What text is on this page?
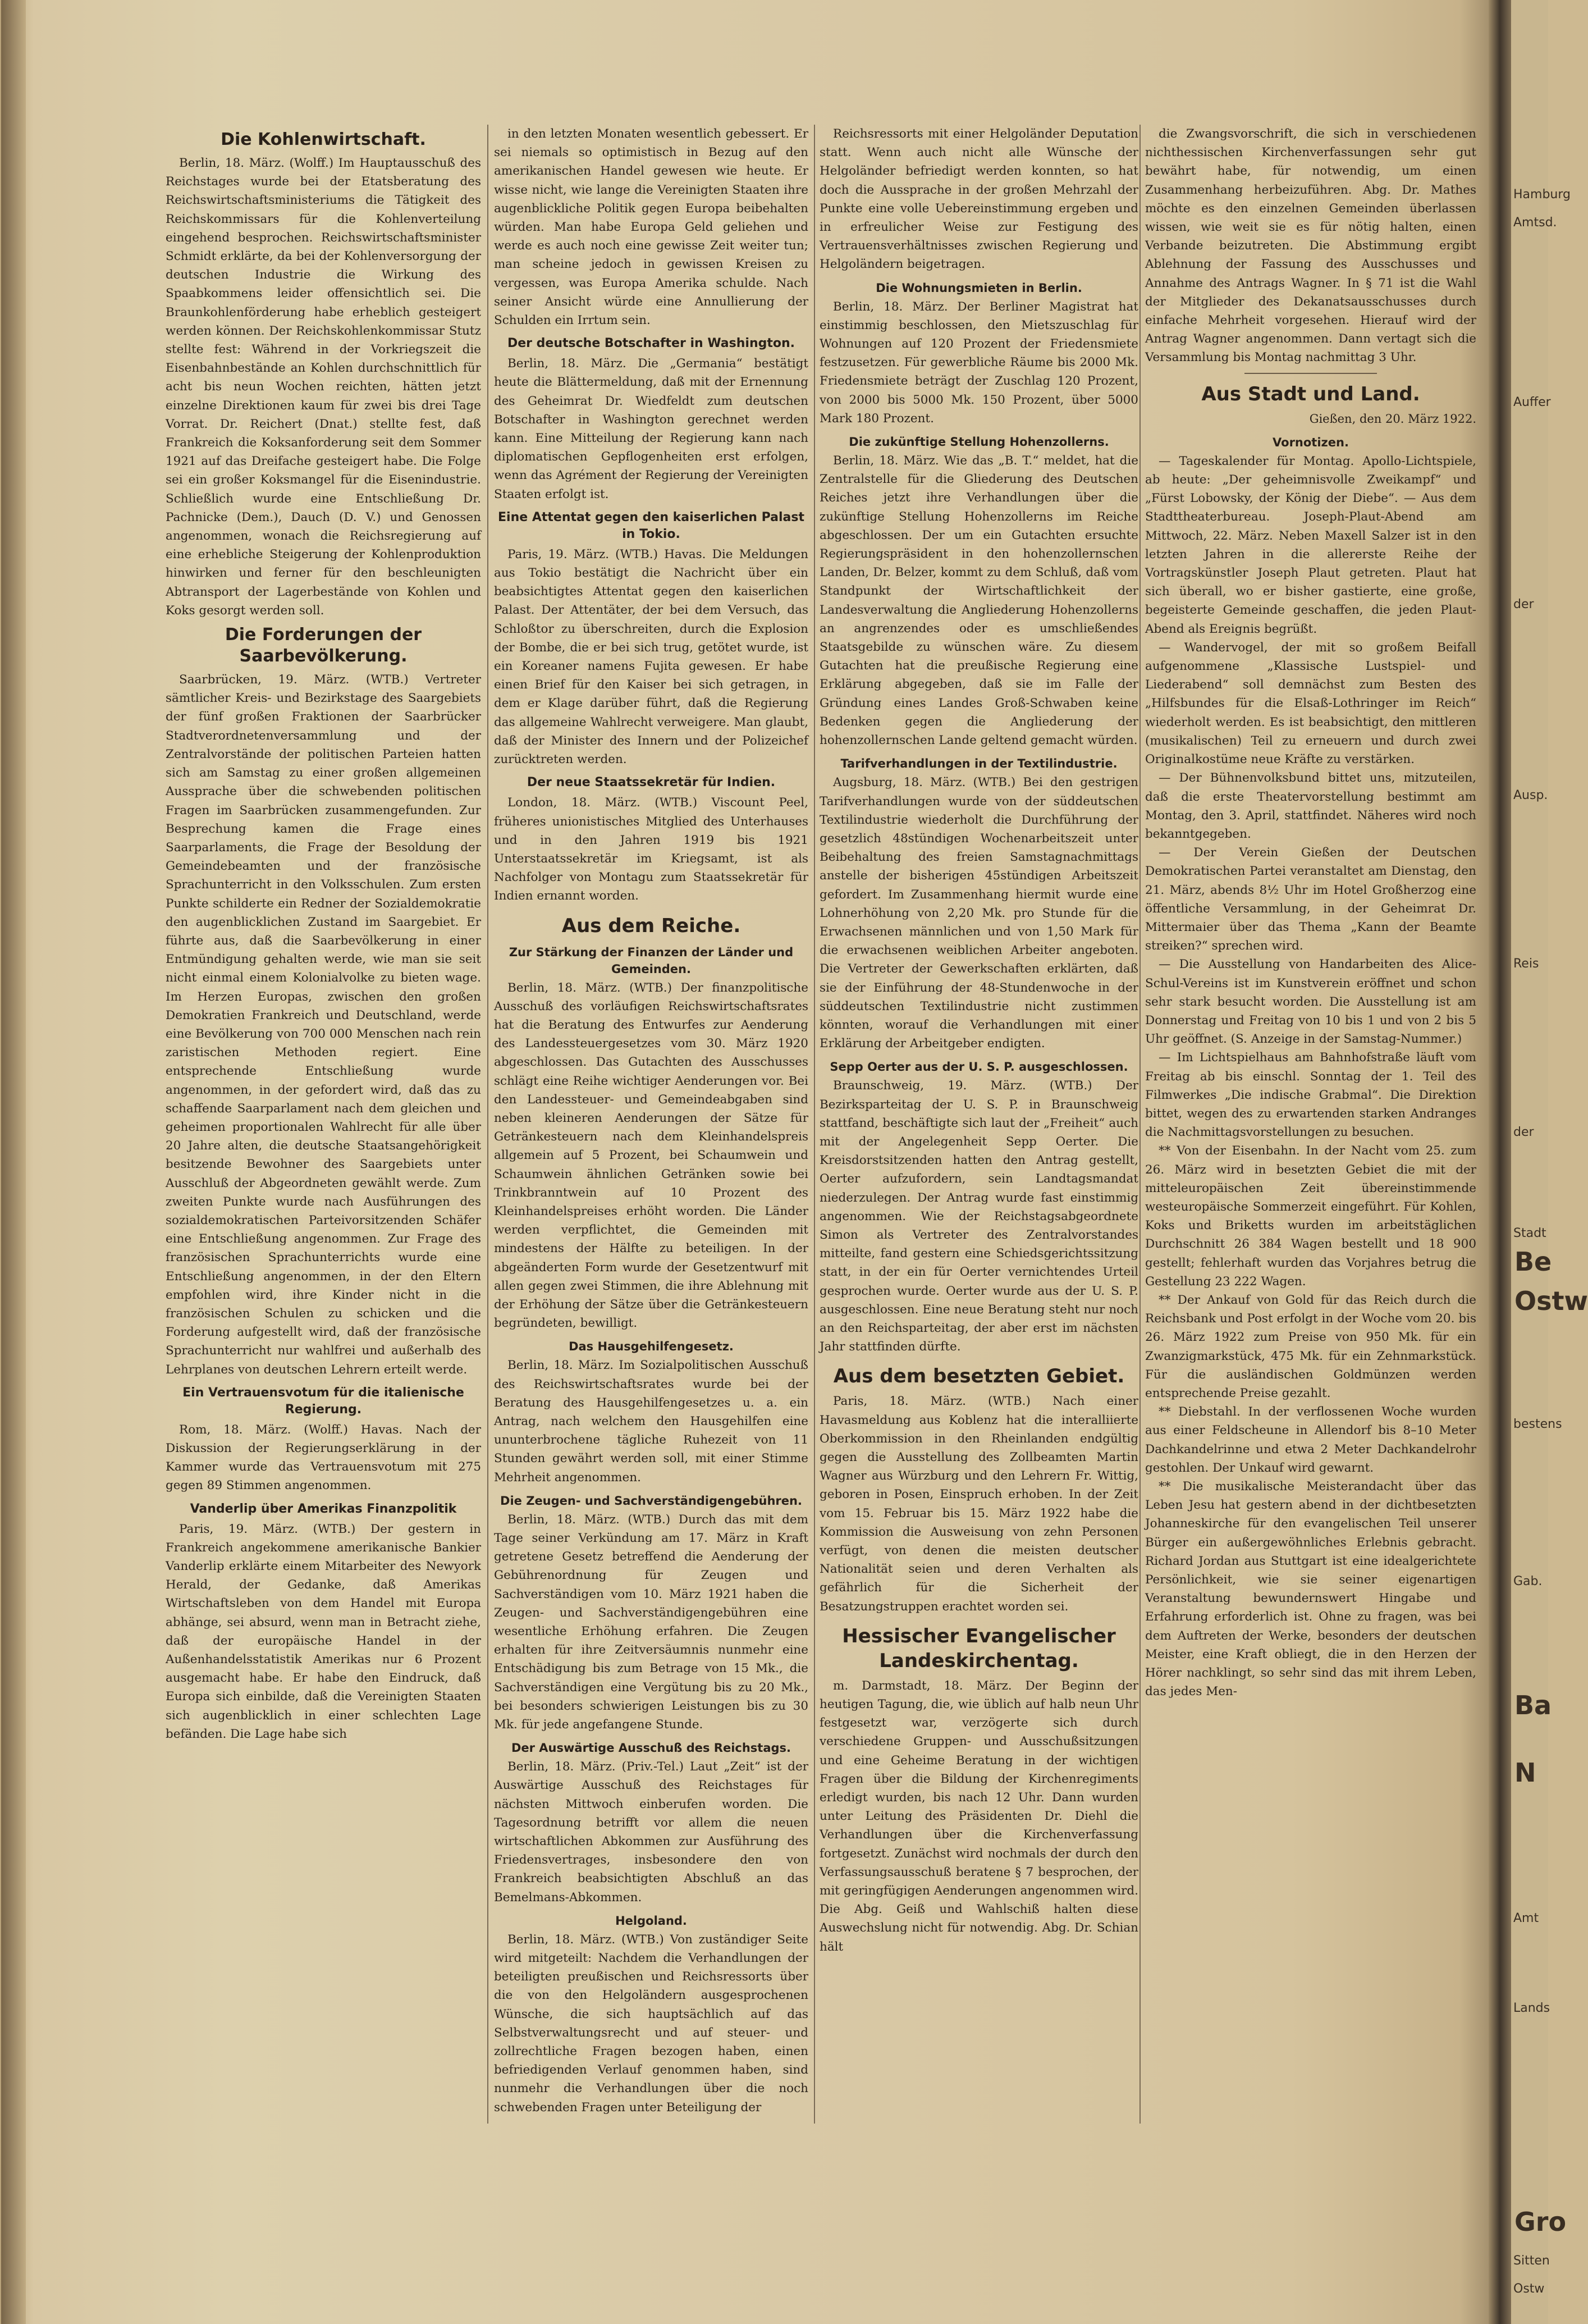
Die Kohlenwirtschaft.

Berlin, 18. März. (Wolff.) Im Hauptausschuß des Reichstages wurde bei der Etatsberatung des Reichswirtschaftsministeriums die Tätigkeit des Reichskommissars für die Kohlenverteilung eingehend besprochen. Reichswirtschaftsminister Schmidt erklärte, da bei der Kohlenversorgung der deutschen Industrie die Wirkung des Spaabkommens leider offensichtlich sei. Die Braunkohlenförderung habe erheblich gesteigert werden können. Der Reichskohlenkommissar Stutz stellte fest: Während in der Vorkriegszeit die Eisenbahnbestände an Kohlen durchschnittlich für acht bis neun Wochen reichten, hätten jetzt einzelne Direktionen kaum für zwei bis drei Tage Vorrat. Dr. Reichert (Dnat.) stellte fest, daß Frankreich die Koksanforderung seit dem Sommer 1921 auf das Dreifache gesteigert habe. Die Folge sei ein großer Koksmangel für die Eisenindustrie. Schließlich wurde eine Entschließung Dr. Pachnicke (Dem.), Dauch (D. V.) und Genossen angenommen, wonach die Reichsregierung auf eine erhebliche Steigerung der Kohlenproduktion hinwirken und ferner für den beschleunigten Abtransport der Lagerbestände von Kohlen und Koks gesorgt werden soll.

Die Forderungen der Saarbevölkerung.

Saarbrücken, 19. März. (WTB.) Vertreter sämtlicher Kreis- und Bezirkstage des Saargebiets der fünf großen Fraktionen der Saarbrücker Stadtverordnetenversammlung und der Zentralvorstände der politischen Parteien hatten sich am Samstag zu einer großen allgemeinen Aussprache über die schwebenden politischen Fragen im Saarbrücken zusammengefunden. Zur Besprechung kamen die Frage eines Saarparlaments, die Frage der Besoldung der Gemeindebeamten und der französische Sprachunterricht in den Volksschulen. Zum ersten Punkte schilderte ein Redner der Sozialdemokratie den augenblicklichen Zustand im Saargebiet. Er führte aus, daß die Saarbevölkerung in einer Entmündigung gehalten werde, wie man sie seit nicht einmal einem Kolonialvolke zu bieten wage. Im Herzen Europas, zwischen den großen Demokratien Frankreich und Deutschland, werde eine Bevölkerung von 700 000 Menschen nach rein zaristischen Methoden regiert. Eine entsprechende Entschließung wurde angenommen, in der gefordert wird, daß das zu schaffende Saarparlament nach dem gleichen und geheimen proportionalen Wahlrecht für alle über 20 Jahre alten, die deutsche Staatsangehörigkeit besitzende Bewohner des Saargebiets unter Ausschluß der Abgeordneten gewählt werde. Zum zweiten Punkte wurde nach Ausführungen des sozialdemokratischen Parteivorsitzenden Schäfer eine Entschließung angenommen. Zur Frage des französischen Sprachunterrichts wurde eine Entschließung angenommen, in der den Eltern empfohlen wird, ihre Kinder nicht in die französischen Schulen zu schicken und die Forderung aufgestellt wird, daß der französische Sprachunterricht nur wahlfrei und außerhalb des Lehrplanes von deutschen Lehrern erteilt werde.

Ein Vertrauensvotum für die italienische Regierung.

Rom, 18. März. (Wolff.) Havas. Nach der Diskussion der Regierungserklärung in der Kammer wurde das Vertrauensvotum mit 275 gegen 89 Stimmen angenommen.

Vanderlip über Amerikas Finanzpolitik

Paris, 19. März. (WTB.) Der gestern in Frankreich angekommene amerikanische Bankier Vanderlip erklärte einem Mitarbeiter des Newyork Herald, der Gedanke, daß Amerikas Wirtschaftsleben von dem Handel mit Europa abhänge, sei absurd, wenn man in Betracht ziehe, daß der europäische Handel in der Außenhandelsstatistik Amerikas nur 6 Prozent ausgemacht habe. Er habe den Eindruck, daß Europa sich einbilde, daß die Vereinigten Staaten sich augenblicklich in einer schlechten Lage befänden. Die Lage habe sich

in den letzten Monaten wesentlich gebessert. Er sei niemals so optimistisch in Bezug auf den amerikanischen Handel gewesen wie heute. Er wisse nicht, wie lange die Vereinigten Staaten ihre augenblickliche Politik gegen Europa beibehalten würden. Man habe Europa Geld geliehen und werde es auch noch eine gewisse Zeit weiter tun; man scheine jedoch in gewissen Kreisen zu vergessen, was Europa Amerika schulde. Nach seiner Ansicht würde eine Annullierung der Schulden ein Irrtum sein.

Der deutsche Botschafter in Washington.

Berlin, 18. März. Die „Germania“ bestätigt heute die Blättermeldung, daß mit der Ernennung des Geheimrat Dr. Wiedfeldt zum deutschen Botschafter in Washington gerechnet werden kann. Eine Mitteilung der Regierung kann nach diplomatischen Gepflogenheiten erst erfolgen, wenn das Agrément der Regierung der Vereinigten Staaten erfolgt ist.

Eine Attentat gegen den kaiserlichen Palast in Tokio.

Paris, 19. März. (WTB.) Havas. Die Meldungen aus Tokio bestätigt die Nachricht über ein beabsichtigtes Attentat gegen den kaiserlichen Palast. Der Attentäter, der bei dem Versuch, das Schloßtor zu überschreiten, durch die Explosion der Bombe, die er bei sich trug, getötet wurde, ist ein Koreaner namens Fujita gewesen. Er habe einen Brief für den Kaiser bei sich getragen, in dem er Klage darüber führt, daß die Regierung das allgemeine Wahlrecht verweigere. Man glaubt, daß der Minister des Innern und der Polizeichef zurücktreten werden.

Der neue Staatssekretär für Indien.

London, 18. März. (WTB.) Viscount Peel, früheres unionistisches Mitglied des Unterhauses und in den Jahren 1919 bis 1921 Unterstaatssekretär im Kriegsamt, ist als Nachfolger von Montagu zum Staatssekretär für Indien ernannt worden.

Aus dem Reiche.
Zur Stärkung der Finanzen der Länder und Gemeinden.

Berlin, 18. März. (WTB.) Der finanzpolitische Ausschuß des vorläufigen Reichswirtschaftsrates hat die Beratung des Entwurfes zur Aenderung des Landessteuergesetzes vom 30. März 1920 abgeschlossen. Das Gutachten des Ausschusses schlägt eine Reihe wichtiger Aenderungen vor. Bei den Landessteuer- und Gemeindeabgaben sind neben kleineren Aenderungen der Sätze für Getränkesteuern nach dem Kleinhandelspreis allgemein auf 5 Prozent, bei Schaumwein und Schaumwein ähnlichen Getränken sowie bei Trinkbranntwein auf 10 Prozent des Kleinhandelspreises erhöht worden. Die Länder werden verpflichtet, die Gemeinden mit mindestens der Hälfte zu beteiligen. In der abgeänderten Form wurde der Gesetzentwurf mit allen gegen zwei Stimmen, die ihre Ablehnung mit der Erhöhung der Sätze über die Getränkesteuern begründeten, bewilligt.

Das Hausgehilfengesetz.

Berlin, 18. März. Im Sozialpolitischen Ausschuß des Reichswirtschaftsrates wurde bei der Beratung des Hausgehilfengesetzes u. a. ein Antrag, nach welchem den Hausgehilfen eine ununterbrochene tägliche Ruhezeit von 11 Stunden gewährt werden soll, mit einer Stimme Mehrheit angenommen.

Die Zeugen- und Sachverständigengebühren.

Berlin, 18. März. (WTB.) Durch das mit dem Tage seiner Verkündung am 17. März in Kraft getretene Gesetz betreffend die Aenderung der Gebührenordnung für Zeugen und Sachverständigen vom 10. März 1921 haben die Zeugen- und Sachverständigengebühren eine wesentliche Erhöhung erfahren. Die Zeugen erhalten für ihre Zeitversäumnis nunmehr eine Entschädigung bis zum Betrage von 15 Mk., die Sachverständigen eine Vergütung bis zu 20 Mk., bei besonders schwierigen Leistungen bis zu 30 Mk. für jede angefangene Stunde.

Der Auswärtige Ausschuß des Reichstags.

Berlin, 18. März. (Priv.-Tel.) Laut „Zeit“ ist der Auswärtige Ausschuß des Reichstages für nächsten Mittwoch einberufen worden. Die Tagesordnung betrifft vor allem die neuen wirtschaftlichen Abkommen zur Ausführung des Friedensvertrages, insbesondere den von Frankreich beabsichtigten Abschluß an das Bemelmans-Abkommen.

Helgoland.

Berlin, 18. März. (WTB.) Von zuständiger Seite wird mitgeteilt: Nachdem die Verhandlungen der beteiligten preußischen und Reichsressorts über die von den Helgoländern ausgesprochenen Wünsche, die sich hauptsächlich auf das Selbstverwaltungsrecht und auf steuer- und zollrechtliche Fragen bezogen haben, einen befriedigenden Verlauf genommen haben, sind nunmehr die Verhandlungen über die noch schwebenden Fragen unter Beteiligung der

Reichsressorts mit einer Helgoländer Deputation statt. Wenn auch nicht alle Wünsche der Helgoländer befriedigt werden konnten, so hat doch die Aussprache in der großen Mehrzahl der Punkte eine volle Uebereinstimmung ergeben und in erfreulicher Weise zur Festigung des Vertrauensverhältnisses zwischen Regierung und Helgoländern beigetragen.

Die Wohnungsmieten in Berlin.

Berlin, 18. März. Der Berliner Magistrat hat einstimmig beschlossen, den Mietszuschlag für Wohnungen auf 120 Prozent der Friedensmiete festzusetzen. Für gewerbliche Räume bis 2000 Mk. Friedensmiete beträgt der Zuschlag 120 Prozent, von 2000 bis 5000 Mk. 150 Prozent, über 5000 Mark 180 Prozent.

Die zukünftige Stellung Hohenzollerns.

Berlin, 18. März. Wie das „B. T.“ meldet, hat die Zentralstelle für die Gliederung des Deutschen Reiches jetzt ihre Verhandlungen über die zukünftige Stellung Hohenzollerns im Reiche abgeschlossen. Der um ein Gutachten ersuchte Regierungspräsident in den hohenzollernschen Landen, Dr. Belzer, kommt zu dem Schluß, daß vom Standpunkt der Wirtschaftlichkeit der Landesverwaltung die Angliederung Hohenzollerns an angrenzendes oder es umschließendes Staatsgebilde zu wünschen wäre. Zu diesem Gutachten hat die preußische Regierung eine Erklärung abgegeben, daß sie im Falle der Gründung eines Landes Groß-Schwaben keine Bedenken gegen die Angliederung der hohenzollernschen Lande geltend gemacht würden.

Tarifverhandlungen in der Textilindustrie.

Augsburg, 18. März. (WTB.) Bei den gestrigen Tarifverhandlungen wurde von der süddeutschen Textilindustrie wiederholt die Durchführung der gesetzlich 48stündigen Wochenarbeitszeit unter Beibehaltung des freien Samstagnachmittags anstelle der bisherigen 45stündigen Arbeitszeit gefordert. Im Zusammenhang hiermit wurde eine Lohnerhöhung von 2,20 Mk. pro Stunde für die Erwachsenen männlichen und von 1,50 Mark für die erwachsenen weiblichen Arbeiter angeboten. Die Vertreter der Gewerkschaften erklärten, daß sie der Einführung der 48-Stundenwoche in der süddeutschen Textilindustrie nicht zustimmen könnten, worauf die Verhandlungen mit einer Erklärung der Arbeitgeber endigten.

Sepp Oerter aus der U. S. P. ausgeschlossen.

Braunschweig, 19. März. (WTB.) Der Bezirksparteitag der U. S. P. in Braunschweig stattfand, beschäftigte sich laut der „Freiheit“ auch mit der Angelegenheit Sepp Oerter. Die Kreisdorstsitzenden hatten den Antrag gestellt, Oerter aufzufordern, sein Landtagsmandat niederzulegen. Der Antrag wurde fast einstimmig angenommen. Wie der Reichstagsabgeordnete Simon als Vertreter des Zentralvorstandes mitteilte, fand gestern eine Schiedsgerichtssitzung statt, in der ein für Oerter vernichtendes Urteil gesprochen wurde. Oerter wurde aus der U. S. P. ausgeschlossen. Eine neue Beratung steht nur noch an den Reichsparteitag, der aber erst im nächsten Jahr stattfinden dürfte.

Aus dem besetzten Gebiet.

Paris, 18. März. (WTB.) Nach einer Havasmeldung aus Koblenz hat die interalliierte Oberkommission in den Rheinlanden endgültig gegen die Ausstellung des Zollbeamten Martin Wagner aus Würzburg und den Lehrern Fr. Wittig, geboren in Posen, Einspruch erhoben. In der Zeit vom 15. Februar bis 15. März 1922 habe die Kommission die Ausweisung von zehn Personen verfügt, von denen die meisten deutscher Nationalität seien und deren Verhalten als gefährlich für die Sicherheit der Besatzungstruppen erachtet worden sei.

Hessischer Evangelischer Landeskirchentag.

m. Darmstadt, 18. März. Der Beginn der heutigen Tagung, die, wie üblich auf halb neun Uhr festgesetzt war, verzögerte sich durch verschiedene Gruppen- und Ausschußsitzungen und eine Geheime Beratung in der wichtigen Fragen über die Bildung der Kirchenregiments erledigt wurden, bis nach 12 Uhr. Dann wurden unter Leitung des Präsidenten Dr. Diehl die Verhandlungen über die Kirchenverfassung fortgesetzt. Zunächst wird nochmals der durch den Verfassungsausschuß beratene § 7 besprochen, der mit geringfügigen Aenderungen angenommen wird. Die Abg. Geiß und Wahlschiß halten diese Auswechslung nicht für notwendig. Abg. Dr. Schian hält

die Zwangsvorschrift, die sich in verschiedenen nichthessischen Kirchenverfassungen sehr gut bewährt habe, für notwendig, um einen Zusammenhang herbeizuführen. Abg. Dr. Mathes möchte es den einzelnen Gemeinden überlassen wissen, wie weit sie es für nötig halten, einen Verbande beizutreten. Die Abstimmung ergibt Ablehnung der Fassung des Ausschusses und Annahme des Antrags Wagner. In § 71 ist die Wahl der Mitglieder des Dekanatsausschusses durch einfache Mehrheit vorgesehen. Hierauf wird der Antrag Wagner angenommen. Dann vertagt sich die Versammlung bis Montag nachmittag 3 Uhr.

Aus Stadt und Land.
Gießen, den 20. März 1922.
Vornotizen.

— Tageskalender für Montag. Apollo-Lichtspiele, ab heute: „Der geheimnisvolle Zweikampf“ und „Fürst Lobowsky, der König der Diebe“. — Aus dem Stadttheaterbureau. Joseph-Plaut-Abend am Mittwoch, 22. März. Neben Maxell Salzer ist in den letzten Jahren in die allererste Reihe der Vortragskünstler Joseph Plaut getreten. Plaut hat sich überall, wo er bisher gastierte, eine große, begeisterte Gemeinde geschaffen, die jeden Plaut-Abend als Ereignis begrüßt.

— Wandervogel, der mit so großem Beifall aufgenommene „Klassische Lustspiel- und Liederabend“ soll demnächst zum Besten des „Hilfsbundes für die Elsaß-Lothringer im Reich“ wiederholt werden. Es ist beabsichtigt, den mittleren (musikalischen) Teil zu erneuern und durch zwei Originalkostüme neue Kräfte zu verstärken.

— Der Bühnenvolksbund bittet uns, mitzuteilen, daß die erste Theatervorstellung bestimmt am Montag, den 3. April, stattfindet. Näheres wird noch bekanntgegeben.

— Der Verein Gießen der Deutschen Demokratischen Partei veranstaltet am Dienstag, den 21. März, abends 8½ Uhr im Hotel Großherzog eine öffentliche Versammlung, in der Geheimrat Dr. Mittermaier über das Thema „Kann der Beamte streiken?“ sprechen wird.

— Die Ausstellung von Handarbeiten des Alice-Schul-Vereins ist im Kunstverein eröffnet und schon sehr stark besucht worden. Die Ausstellung ist am Donnerstag und Freitag von 10 bis 1 und von 2 bis 5 Uhr geöffnet. (S. Anzeige in der Samstag-Nummer.)

— Im Lichtspielhaus am Bahnhofstraße läuft vom Freitag ab bis einschl. Sonntag der 1. Teil des Filmwerkes „Die indische Grabmal“. Die Direktion bittet, wegen des zu erwartenden starken Andranges die Nachmittagsvorstellungen zu besuchen.

** Von der Eisenbahn. In der Nacht vom 25. zum 26. März wird in besetzten Gebiet die mit der mitteleuropäischen Zeit übereinstimmende westeuropäische Sommerzeit eingeführt. Für Kohlen, Koks und Briketts wurden im arbeitstäglichen Durchschnitt 26 384 Wagen bestellt und 18 900 gestellt; fehlerhaft wurden das Vorjahres betrug die Gestellung 23 222 Wagen.

** Der Ankauf von Gold für das Reich durch die Reichsbank und Post erfolgt in der Woche vom 20. bis 26. März 1922 zum Preise von 950 Mk. für ein Zwanzigmarkstück, 475 Mk. für ein Zehnmarkstück. Für die ausländischen Goldmünzen werden entsprechende Preise gezahlt.

** Diebstahl. In der verflossenen Woche wurden aus einer Feldscheune in Allendorf bis 8–10 Meter Dachkandelrinne und etwa 2 Meter Dachkandelrohr gestohlen. Der Unkauf wird gewarnt.

** Die musikalische Meisterandacht über das Leben Jesu hat gestern abend in der dichtbesetzten Johanneskirche für den evangelischen Teil unserer Bürger ein außergewöhnliches Erlebnis gebracht. Richard Jordan aus Stuttgart ist eine idealgerichtete Persönlichkeit, wie sie seiner eigenartigen Veranstaltung bewundernswert Hingabe und Erfahrung erforderlich ist. Ohne zu fragen, was bei dem Auftreten der Werke, besonders der deutschen Meister, eine Kraft obliegt, die in den Herzen der Hörer nachklingt, so sehr sind das mit ihrem Leben, das jedes Men-

Hamburg
Amtsd.
Auffer
der
Ausp.
Reis
der
Stadt
Be
Ostw
bestens
Gab.
Ba
N
Amt
Lands
Gro
Sitten
Ostw
